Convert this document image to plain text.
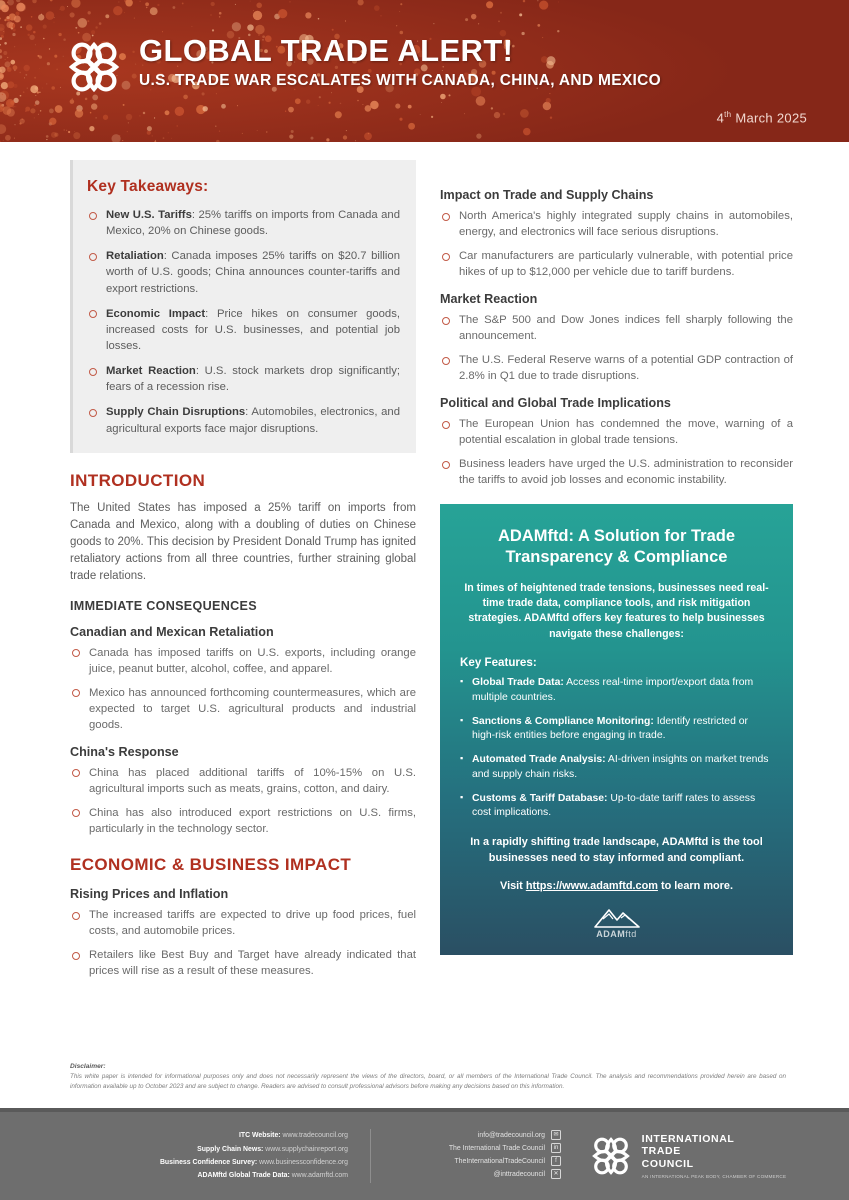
GLOBAL TRADE ALERT!
U.S. TRADE WAR ESCALATES WITH CANADA, CHINA, AND MEXICO
4th March 2025
Key Takeaways:
New U.S. Tariffs: 25% tariffs on imports from Canada and Mexico, 20% on Chinese goods.
Retaliation: Canada imposes 25% tariffs on $20.7 billion worth of U.S. goods; China announces counter-tariffs and export restrictions.
Economic Impact: Price hikes on consumer goods, increased costs for U.S. businesses, and potential job losses.
Market Reaction: U.S. stock markets drop significantly; fears of a recession rise.
Supply Chain Disruptions: Automobiles, electronics, and agricultural exports face major disruptions.
INTRODUCTION

The United States has imposed a 25% tariff on imports from Canada and Mexico, along with a doubling of duties on Chinese goods to 20%. This decision by President Donald Trump has ignited retaliatory actions from all three countries, further straining global trade relations.

IMMEDIATE CONSEQUENCES
Canadian and Mexican Retaliation
Canada has imposed tariffs on U.S. exports, including orange juice, peanut butter, alcohol, coffee, and apparel.
Mexico has announced forthcoming countermeasures, which are expected to target U.S. agricultural products and industrial goods.
China's Response
China has placed additional tariffs of 10%-15% on U.S. agricultural imports such as meats, grains, cotton, and dairy.
China has also introduced export restrictions on U.S. firms, particularly in the technology sector.
ECONOMIC & BUSINESS IMPACT
Rising Prices and Inflation
The increased tariffs are expected to drive up food prices, fuel costs, and automobile prices.
Retailers like Best Buy and Target have already indicated that prices will rise as a result of these measures.
Impact on Trade and Supply Chains
North America's highly integrated supply chains in automobiles, energy, and electronics will face serious disruptions.
Car manufacturers are particularly vulnerable, with potential price hikes of up to $12,000 per vehicle due to tariff burdens.
Market Reaction
The S&P 500 and Dow Jones indices fell sharply following the announcement.
The U.S. Federal Reserve warns of a potential GDP contraction of 2.8% in Q1 due to trade disruptions.
Political and Global Trade Implications
The European Union has condemned the move, warning of a potential escalation in global trade tensions.
Business leaders have urged the U.S. administration to reconsider the tariffs to avoid job losses and economic instability.
ADAMftd: A Solution for Trade Transparency & Compliance
In times of heightened trade tensions, businesses need real-time trade data, compliance tools, and risk mitigation strategies. ADAMftd offers key features to help businesses navigate these challenges:
Key Features:
▪ Global Trade Data: Access real-time import/export data from multiple countries.
▪ Sanctions & Compliance Monitoring: Identify restricted or high-risk entities before engaging in trade.
▪ Automated Trade Analysis: AI-driven insights on market trends and supply chain risks.
▪ Customs & Tariff Database: Up-to-date tariff rates to assess cost implications.
In a rapidly shifting trade landscape, ADAMftd is the tool businesses need to stay informed and compliant.
Visit https://www.adamftd.com to learn more.
ADAMftd
Disclaimer:
This white paper is intended for informational purposes only and does not necessarily represent the views of the directors, board, or all members of the International Trade Council. The analysis and recommendations provided herein are based on information available up to October 2023 and are subject to change. Readers are advised to consult professional advisors before making any decisions based on this information.
ITC Website: www.tradecouncil.org
Supply Chain News: www.supplychainreport.org
Business Confidence Survey: www.businessconfidence.org
ADAMftd Global Trade Data: www.adamftd.com
info@tradecouncil.org	✉
The International Trade Council	in
TheInternationalTradeCouncil	f
@inttradecouncil	✕
INTERNATIONAL
TRADE
COUNCIL
AN INTERNATIONAL PEAK BODY, CHAMBER OF COMMERCE
